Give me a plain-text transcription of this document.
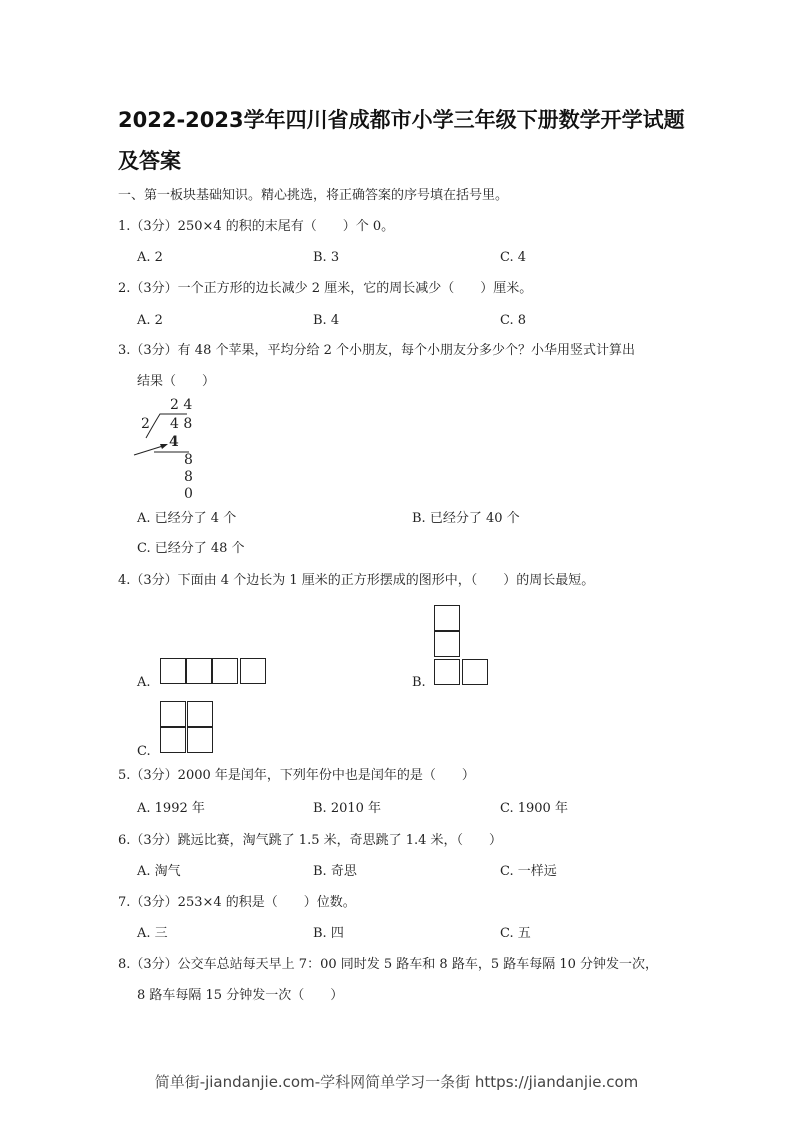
2022-2023学年四川省成都市小学三年级下册数学开学试题
及答案
一、第一板块基础知识。精心挑选，将正确答案的序号填在括号里。
1.（3分）250×4 的积的末尾有（　　）个 0。
A. 2	B. 3	C. 4
2.（3分）一个正方形的边长减少 2 厘米，它的周长减少（　　）厘米。
A. 2	B. 4	C. 8
3.（3分）有 48 个苹果，平均分给 2 个小朋友，每个小朋友分多少个？小华用竖式计算出
结果（　　）
2 4
2 4 8
4
8
8
0
A. 已经分了 4 个	B. 已经分了 40 个
C. 已经分了 48 个
4.（3分）下面由 4 个边长为 1 厘米的正方形摆成的图形中，（　　）的周长最短。
A.	B.
C.
5.（3分）2000 年是闰年，下列年份中也是闰年的是（　　）
A. 1992 年	B. 2010 年	C. 1900 年
6.（3分）跳远比赛，淘气跳了 1.5 米，奇思跳了 1.4 米，（　　）
A. 淘气	B. 奇思	C. 一样远
7.（3分）253×4 的积是（　　）位数。
A. 三	B. 四	C. 五
8.（3分）公交车总站每天早上 7：00 同时发 5 路车和 8 路车，5 路车每隔 10 分钟发一次，
8 路车每隔 15 分钟发一次（　　）
简单街-jiandanjie.com-学科网简单学习一条街 https://jiandanjie.com
